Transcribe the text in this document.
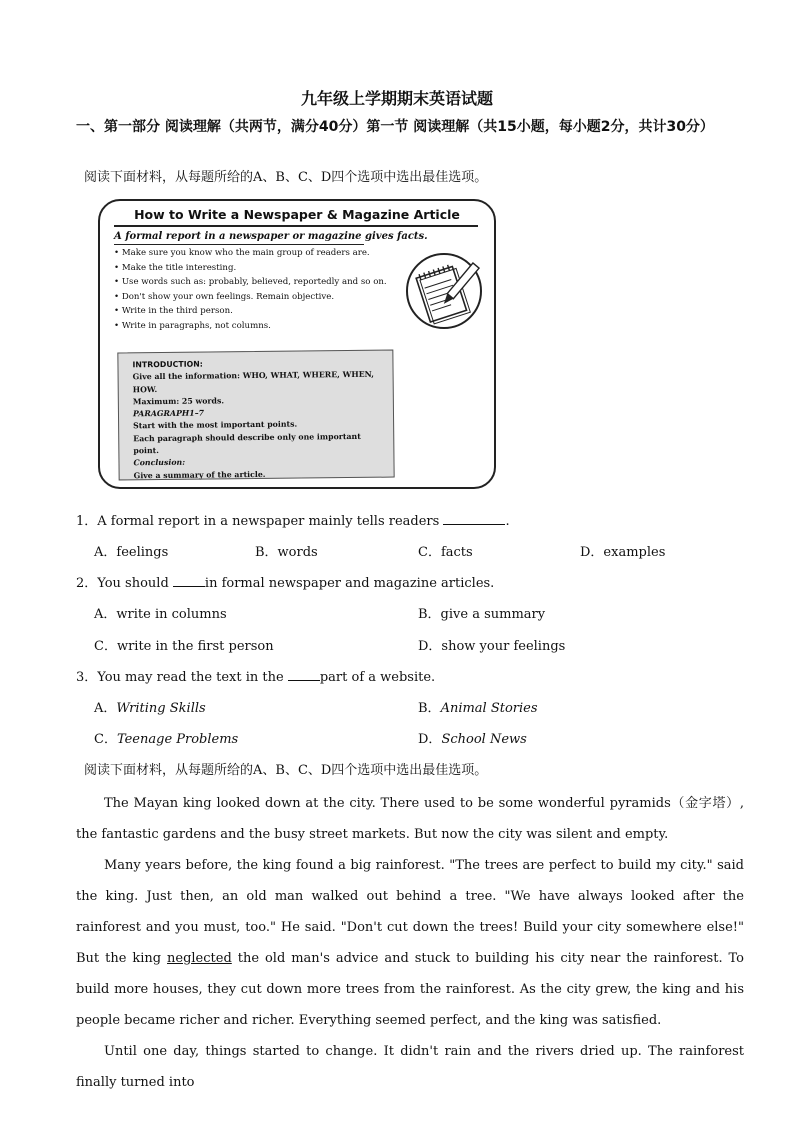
九年级上学期期末英语试题
一、第一部分 阅读理解（共两节，满分40分）第一节 阅读理解（共15小题，每小题2分，共计30分）
阅读下面材料，从每题所给的A、B、C、D四个选项中选出最佳选项。
How to Write a Newspaper & Magazine Article
A formal report in a newspaper or magazine gives facts.
• Make sure you know who the main group of readers are.
• Make the title interesting.
• Use words such as: probably, believed, reportedly and so on.
• Don't show your own feelings. Remain objective.
• Write in the third person.
• Write in paragraphs, not columns.
INTRODUCTION:
Give all the information: WHO, WHAT, WHERE, WHEN, HOW.
Maximum: 25 words.
PARAGRAPH1–7
Start with the most important points.
Each paragraph should describe only one important point.
Conclusion:
Give a summary of the article.
1．A formal report in a newspaper mainly tells readers	.
A．feelings	B．words	C．facts	D．examples
2．You should	in formal newspaper and magazine articles.
A．write in columns	B．give a summary
C．write in the first person	D．show your feelings
3．You may read the text in the	part of a website.
A．Writing Skills	B．Animal Stories
C．Teenage Problems	D．School News
阅读下面材料，从每题所给的A、B、C、D四个选项中选出最佳选项。

The Mayan king looked down at the city. There used to be some wonderful pyramids（金字塔）, the fantastic gardens and the busy street markets. But now the city was silent and empty.

Many years before, the king found a big rainforest. "The trees are perfect to build my city." said the king. Just then, an old man walked out behind a tree. "We have always looked after the rainforest and you must, too." He said. "Don't cut down the trees! Build your city somewhere else!" But the king neglected the old man's advice and stuck to building his city near the rainforest. To build more houses, they cut down more trees from the rainforest. As the city grew, the king and his people became richer and richer. Everything seemed perfect, and the king was satisfied.

Until one day, things started to change. It didn't rain and the rivers dried up. The rainforest finally turned into
